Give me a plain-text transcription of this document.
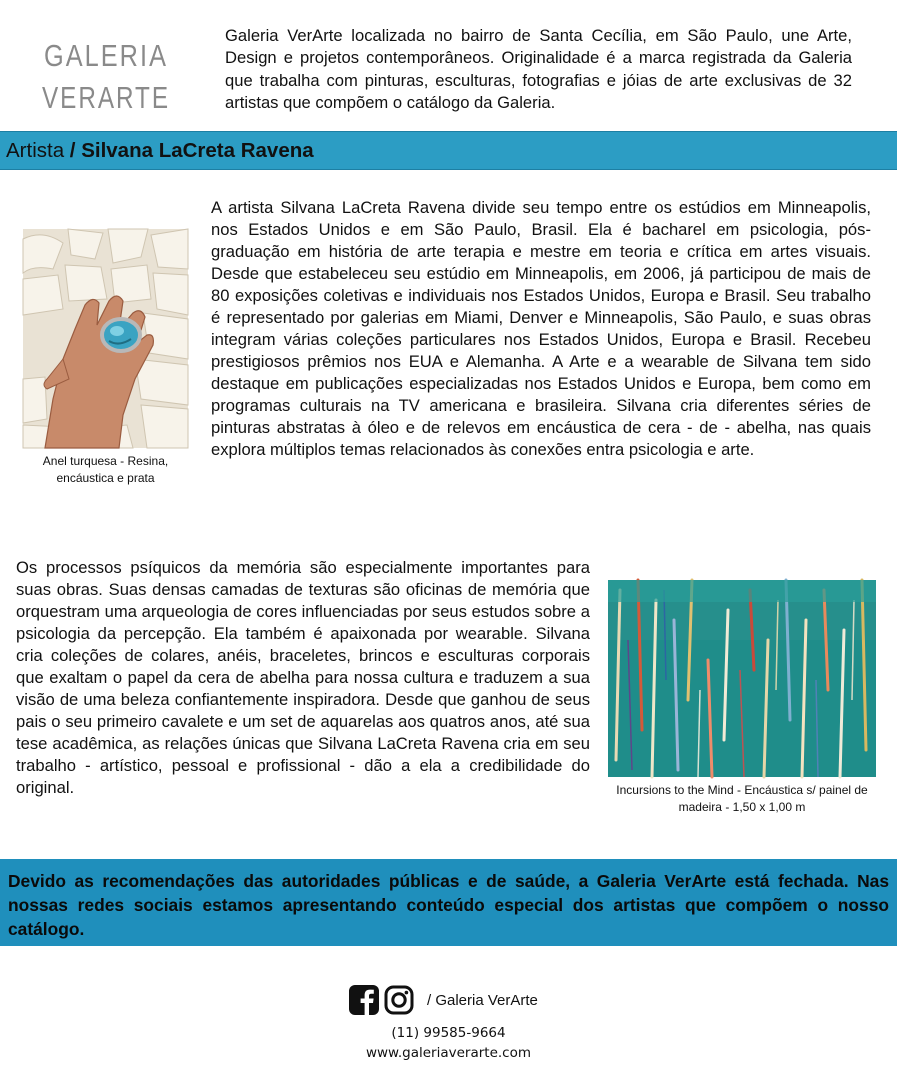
GALERIA
VERARTE
Galeria VerArte localizada no bairro de Santa Cecília, em São Paulo, une Arte, Design e projetos contemporâneos. Originalidade é a marca registrada da Galeria que trabalha com pinturas, esculturas, fotografias e jóias de arte exclusivas de 32 artistas que compõem o catálogo da Galeria.
Artista / Silvana LaCreta Ravena
Anel turquesa - Resina, encáustica e prata
A artista Silvana LaCreta Ravena divide seu tempo entre os estúdios em Minneapolis, nos Estados Unidos e em São Paulo, Brasil. Ela é bacharel em psicologia, pós- graduação em história de arte terapia e mestre em teoria e crítica em artes visuais. Desde que estabeleceu seu estúdio em Minneapolis, em 2006, já participou de mais de 80 exposições coletivas e individuais nos Estados Unidos, Europa e Brasil. Seu trabalho é representado por galerias em Miami, Denver e Minneapolis, São Paulo, e suas obras integram várias coleções particulares nos Estados Unidos, Europa e Brasil. Recebeu prestigiosos prêmios nos EUA e Alemanha. A Arte e a wearable de Silvana tem sido destaque em publicações especializadas nos Estados Unidos e Europa, bem como em programas culturais na TV americana e brasileira. Silvana cria diferentes séries de pinturas abstratas à óleo e de relevos em encáustica de cera - de - abelha, nas quais explora múltiplos temas relacionados às conexões entra psicologia e arte.
Os processos psíquicos da memória são especialmente importantes para suas obras. Suas densas camadas de texturas são oficinas de memória que orquestram uma arqueologia de cores influenciadas por seus estudos sobre a psicologia da percepção. Ela também é apaixonada por wearable. Silvana cria coleções de colares, anéis, braceletes, brincos e esculturas corporais que exaltam o papel da cera de abelha para nossa cultura e traduzem a sua visão de uma beleza confiantemente inspiradora. Desde que ganhou de seus pais o seu primeiro cavalete e um set de aquarelas aos quatros anos, até sua tese acadêmica, as relações únicas que Silvana LaCreta Ravena cria em seu trabalho - artístico, pessoal e profissional - dão a ela a credibilidade do original.	Incursions to the Mind - Encáustica s/ painel de madeira - 1,50 x 1,00 m

Devido as recomendações das autoridades públicas e de saúde, a Galeria VerArte está fechada. Nas nossas redes sociais estamos apresentando conteúdo especial dos artistas que compõem o nosso catálogo.

/ Galeria VerArte
(11) 99585-9664
www.galeriaverarte.com
